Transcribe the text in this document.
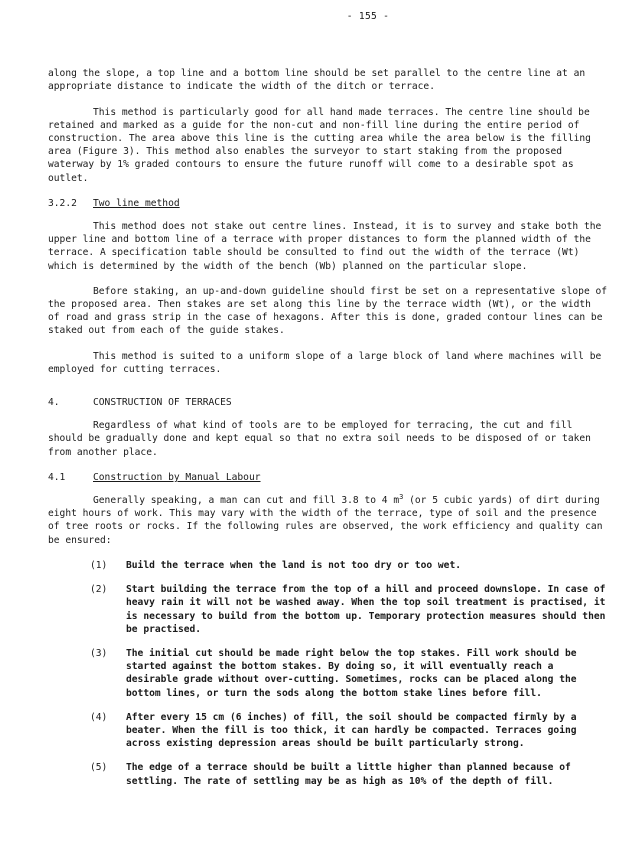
- 155 -

along the slope, a top line and a bottom line should be set parallel to the centre line at an appropriate distance to indicate the width of the ditch or terrace.

This method is particularly good for all hand made terraces. The centre line should be retained and marked as a guide for the non-cut and non-fill line during the entire period of construction. The area above this line is the cutting area while the area below is the filling area (Figure 3). This method also enables the surveyor to start staking from the proposed waterway by 1% graded contours to ensure the future runoff will come to a desirable spot as outlet.

3.2.2	Two line method

This method does not stake out centre lines. Instead, it is to survey and stake both the upper line and bottom line of a terrace with proper distances to form the planned width of the terrace. A specification table should be consulted to find out the width of the terrace (Wt) which is determined by the width of the bench (Wb) planned on the particular slope.

Before staking, an up-and-down guideline should first be set on a representative slope of the proposed area. Then stakes are set along this line by the terrace width (Wt), or the width of road and grass strip in the case of hexagons. After this is done, graded contour lines can be staked out from each of the guide stakes.

This method is suited to a uniform slope of a large block of land where machines will be employed for cutting terraces.

4.	CONSTRUCTION OF TERRACES

Regardless of what kind of tools are to be employed for terracing, the cut and fill should be gradually done and kept equal so that no extra soil needs to be disposed of or taken from another place.

4.1	Construction by Manual Labour

Generally speaking, a man can cut and fill 3.8 to 4 $m^3$ (or 5 cubic yards) of dirt during eight hours of work. This may vary with the width of the terrace, type of soil and the presence of tree roots or rocks. If the following rules are observed, the work efficiency and quality can be ensured:

(1)	Build the terrace when the land is not too dry or too wet.
(2)	Start building the terrace from the top of a hill and proceed downslope. In case of heavy rain it will not be washed away. When the top soil treatment is practised, it is necessary to build from the bottom up. Temporary protection measures should then be practised.
(3)	The initial cut should be made right below the top stakes. Fill work should be started against the bottom stakes. By doing so, it will eventually reach a desirable grade without over-cutting. Sometimes, rocks can be placed along the bottom lines, or turn the sods along the bottom stake lines before fill.
(4)	After every 15 cm (6 inches) of fill, the soil should be compacted firmly by a beater. When the fill is too thick, it can hardly be compacted. Terraces going across existing depression areas should be built particularly strong.
(5)	The edge of a terrace should be built a little higher than planned because of settling. The rate of settling may be as high as 10% of the depth of fill.
